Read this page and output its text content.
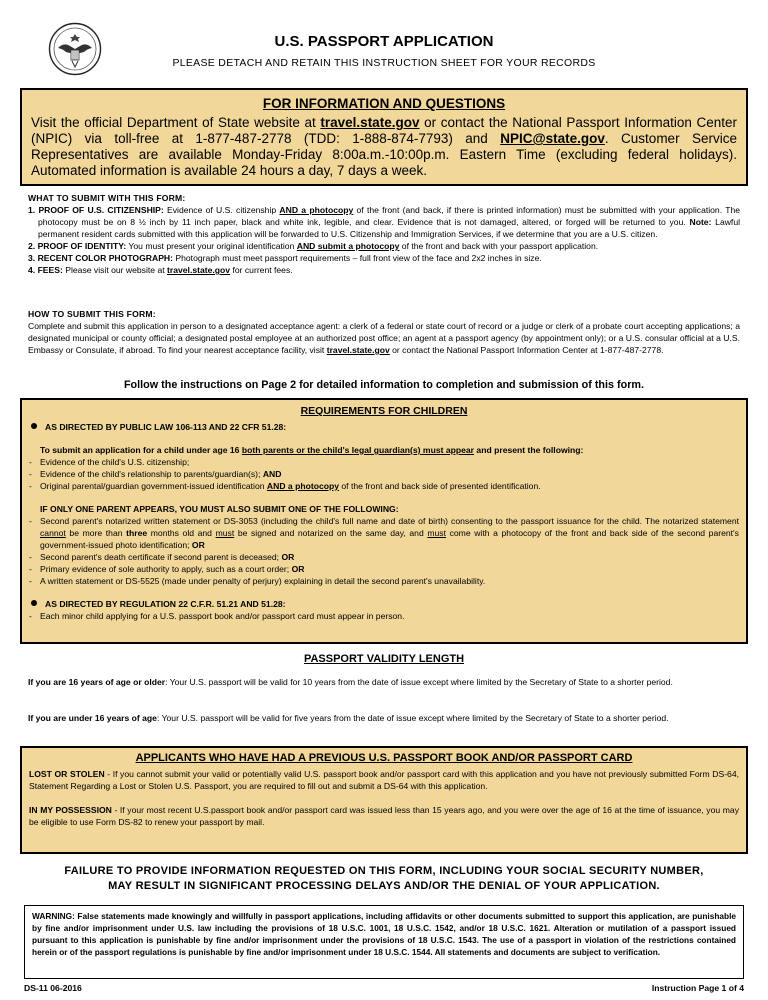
U.S. PASSPORT APPLICATION
PLEASE DETACH AND RETAIN THIS INSTRUCTION SHEET FOR YOUR RECORDS
FOR INFORMATION AND QUESTIONS
Visit the official Department of State website at travel.state.gov or contact the National Passport Information Center (NPIC) via toll-free at 1-877-487-2778 (TDD: 1-888-874-7793) and NPIC@state.gov. Customer Service Representatives are available Monday-Friday 8:00a.m.-10:00p.m. Eastern Time (excluding federal holidays). Automated information is available 24 hours a day, 7 days a week.
WHAT TO SUBMIT WITH THIS FORM:
1. PROOF OF U.S. CITIZENSHIP: Evidence of U.S. citizenship AND a photocopy of the front (and back, if there is printed information) must be submitted with your application. The photocopy must be on 8 ½ inch by 11 inch paper, black and white ink, legible, and clear. Evidence that is not damaged, altered, or forged will be returned to you. Note: Lawful permanent resident cards submitted with this application will be forwarded to U.S. Citizenship and Immigration Services, if we determine that you are a U.S. citizen.
2. PROOF OF IDENTITY: You must present your original identification AND submit a photocopy of the front and back with your passport application.
3. RECENT COLOR PHOTOGRAPH: Photograph must meet passport requirements – full front view of the face and 2x2 inches in size.
4. FEES: Please visit our website at travel.state.gov for current fees.
HOW TO SUBMIT THIS FORM:
Complete and submit this application in person to a designated acceptance agent: a clerk of a federal or state court of record or a judge or clerk of a probate court accepting applications; a designated municipal or county official; a designated postal employee at an authorized post office; an agent at a passport agency (by appointment only); or a U.S. consular official at a U.S. Embassy or Consulate, if abroad. To find your nearest acceptance facility, visit travel.state.gov or contact the National Passport Information Center at 1-877-487-2778.
Follow the instructions on Page 2 for detailed information to completion and submission of this form.
REQUIREMENTS FOR CHILDREN
AS DIRECTED BY PUBLIC LAW 106-113 AND 22 CFR 51.28:
To submit an application for a child under age 16 both parents or the child's legal guardian(s) must appear and present the following:
- Evidence of the child's U.S. citizenship;
- Evidence of the child's relationship to parents/guardian(s); AND
- Original parental/guardian government-issued identification AND a photocopy of the front and back side of presented identification.
IF ONLY ONE PARENT APPEARS, YOU MUST ALSO SUBMIT ONE OF THE FOLLOWING:
- Second parent's notarized written statement or DS-3053 (including the child's full name and date of birth) consenting to the passport issuance for the child. The notarized statement cannot be more than three months old and must be signed and notarized on the same day, and must come with a photocopy of the front and back side of the second parent's government-issued photo identification; OR
- Second parent's death certificate if second parent is deceased; OR
- Primary evidence of sole authority to apply, such as a court order; OR
- A written statement or DS-5525 (made under penalty of perjury) explaining in detail the second parent's unavailability.
AS DIRECTED BY REGULATION 22 C.F.R. 51.21 AND 51.28:
- Each minor child applying for a U.S. passport book and/or passport card must appear in person.
PASSPORT VALIDITY LENGTH
If you are 16 years of age or older: Your U.S. passport will be valid for 10 years from the date of issue except where limited by the Secretary of State to a shorter period.
If you are under 16 years of age: Your U.S. passport will be valid for five years from the date of issue except where limited by the Secretary of State to a shorter period.
APPLICANTS WHO HAVE HAD A PREVIOUS U.S. PASSPORT BOOK AND/OR PASSPORT CARD

LOST OR STOLEN - If you cannot submit your valid or potentially valid U.S. passport book and/or passport card with this application and you have not previously submitted Form DS-64, Statement Regarding a Lost or Stolen U.S. Passport, you are required to fill out and submit a DS-64 with this application.

IN MY POSSESSION - If your most recent U.S.passport book and/or passport card was issued less than 15 years ago, and you were over the age of 16 at the time of issuance, you may be eligible to use Form DS-82 to renew your passport by mail.

FAILURE TO PROVIDE INFORMATION REQUESTED ON THIS FORM, INCLUDING YOUR SOCIAL SECURITY NUMBER,
MAY RESULT IN SIGNIFICANT PROCESSING DELAYS AND/OR THE DENIAL OF YOUR APPLICATION.
WARNING: False statements made knowingly and willfully in passport applications, including affidavits or other documents submitted to support this application, are punishable by fine and/or imprisonment under U.S. law including the provisions of 18 U.S.C. 1001, 18 U.S.C. 1542, and/or 18 U.S.C. 1621. Alteration or mutilation of a passport issued pursuant to this application is punishable by fine and/or imprisonment under the provisions of 18 U.S.C. 1543. The use of a passport in violation of the restrictions contained herein or of the passport regulations is punishable by fine and/or imprisonment under 18 U.S.C. 1544. All statements and documents are subject to verification.
DS-11 06-2016	Instruction Page 1 of 4
